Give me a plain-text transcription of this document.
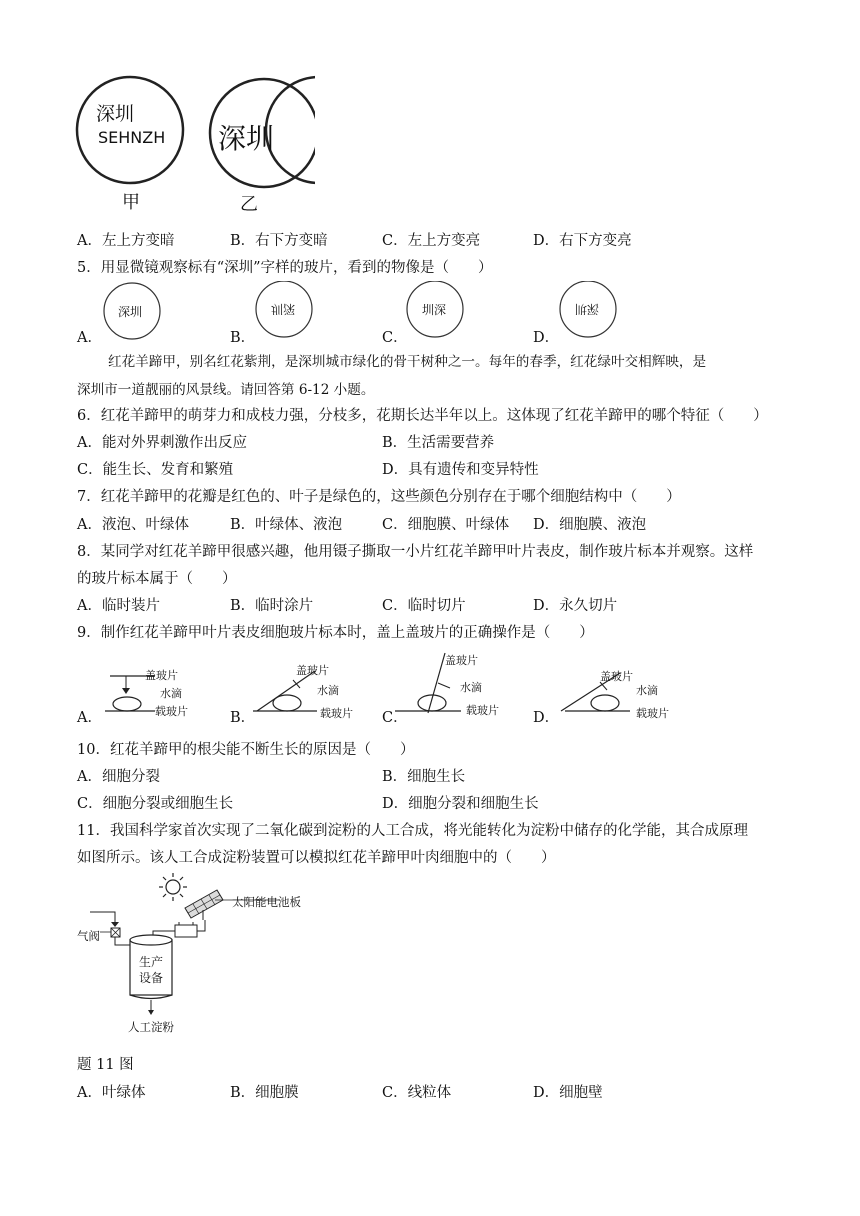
深圳
SEHNZH 深圳
甲	乙
A．左上方变暗	B．右下方变暗	C．左上方变亮	D．右下方变亮
5．用显微镜观察标有“深圳”字样的玻片，看到的物像是（　　）
A．	B．	C．	D．
深圳	圳深	圳深	深圳
红花羊蹄甲，别名红花紫荆，是深圳城市绿化的骨干树种之一。每年的春季，红花绿叶交相辉映，是
深圳市一道靓丽的风景线。请回答第 6-12 小题。
6．红花羊蹄甲的萌芽力和成枝力强，分枝多，花期长达半年以上。这体现了红花羊蹄甲的哪个特征（　　）
A．能对外界刺激作出反应	B．生活需要营养
C．能生长、发育和繁殖	D．具有遗传和变异特性
7．红花羊蹄甲的花瓣是红色的、叶子是绿色的，这些颜色分别存在于哪个细胞结构中（　　）
A．液泡、叶绿体	B．叶绿体、液泡	C．细胞膜、叶绿体 D．细胞膜、液泡
8．某同学对红花羊蹄甲很感兴趣，他用镊子撕取一小片红花羊蹄甲叶片表皮，制作玻片标本并观察。这样
的玻片标本属于（　　）
A．临时装片	B．临时涂片	C．临时切片	D．永久切片
9．制作红花羊蹄甲叶片表皮细胞玻片标本时，盖上盖玻片的正确操作是（　　）
A．	B．	C．	D．
盖玻片
水滴
载玻片
盖玻片
水滴
载玻片
盖玻片
水滴
载玻片
盖玻片
水滴
载玻片
10．红花羊蹄甲的根尖能不断生长的原因是（　　）
A．细胞分裂	B．细胞生长
C．细胞分裂或细胞生长	D．细胞分裂和细胞生长
11．我国科学家首次实现了二氧化碳到淀粉的人工合成，将光能转化为淀粉中储存的化学能，其合成原理
如图所示。该人工合成淀粉装置可以模拟红花羊蹄甲叶肉细胞中的（　　）
太阳能电池板
气阀
生产
设备
人工淀粉
题 11 图
A．叶绿体	B．细胞膜	C．线粒体	D．细胞壁
